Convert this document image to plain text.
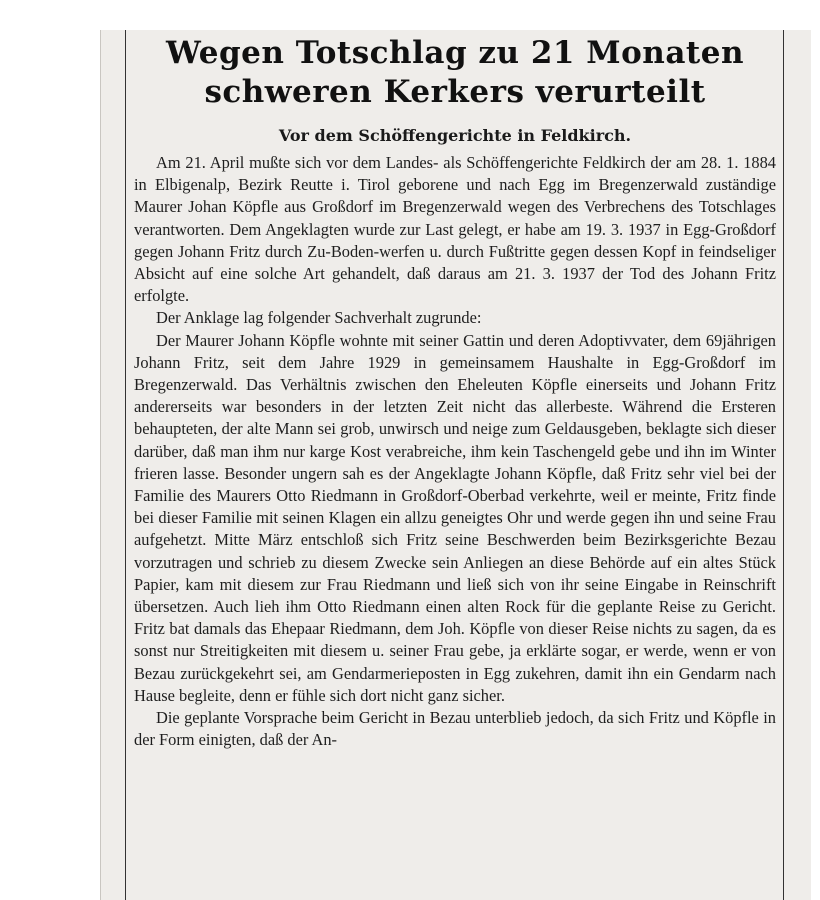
Wegen Totschlag zu 21 Monaten
schweren Kerkers verurteilt
Vor dem Schöffengerichte in Feldkirch.

Am 21. April mußte sich vor dem Landes- als Schöffengerichte Feldkirch der am 28. 1. 1884 in Elbigenalp, Bezirk Reutte i. Tirol geborene und nach Egg im Bregenzerwald zuständige Maurer Johan Köpfle aus Großdorf im Bregenzerwald wegen des Verbrechens des Totschlages verantworten. Dem Angeklagten wurde zur Last gelegt, er habe am 19. 3. 1937 in Egg-Großdorf gegen Johann Fritz durch Zu-Boden-werfen u. durch Fußtritte gegen dessen Kopf in feindseliger Absicht auf eine solche Art gehandelt, daß daraus am 21. 3. 1937 der Tod des Johann Fritz erfolgte.

Der Anklage lag folgender Sachverhalt zugrunde:

Der Maurer Johann Köpfle wohnte mit seiner Gattin und deren Adoptivvater, dem 69jährigen Johann Fritz, seit dem Jahre 1929 in gemeinsamem Haushalte in Egg-Großdorf im Bregenzerwald. Das Verhältnis zwischen den Eheleuten Köpfle einerseits und Johann Fritz andererseits war besonders in der letzten Zeit nicht das allerbeste. Während die Ersteren behaupteten, der alte Mann sei grob, unwirsch und neige zum Geldausgeben, beklagte sich dieser darüber, daß man ihm nur karge Kost verabreiche, ihm kein Taschengeld gebe und ihn im Winter frieren lasse. Besonder ungern sah es der Angeklagte Johann Köpfle, daß Fritz sehr viel bei der Familie des Maurers Otto Riedmann in Großdorf-Oberbad verkehrte, weil er meinte, Fritz finde bei dieser Familie mit seinen Klagen ein allzu geneigtes Ohr und werde gegen ihn und seine Frau aufgehetzt. Mitte März entschloß sich Fritz seine Beschwerden beim Bezirksgerichte Bezau vorzutragen und schrieb zu diesem Zwecke sein Anliegen an diese Behörde auf ein altes Stück Papier, kam mit diesem zur Frau Riedmann und ließ sich von ihr seine Eingabe in Reinschrift übersetzen. Auch lieh ihm Otto Riedmann einen alten Rock für die geplante Reise zu Gericht. Fritz bat damals das Ehepaar Riedmann, dem Joh. Köpfle von dieser Reise nichts zu sagen, da es sonst nur Streitigkeiten mit diesem u. seiner Frau gebe, ja erklärte sogar, er werde, wenn er von Bezau zurückgekehrt sei, am Gendarmerieposten in Egg zukehren, damit ihn ein Gendarm nach Hause begleite, denn er fühle sich dort nicht ganz sicher.

Die geplante Vorsprache beim Gericht in Bezau unterblieb jedoch, da sich Fritz und Köpfle in der Form einigten, daß der An-
